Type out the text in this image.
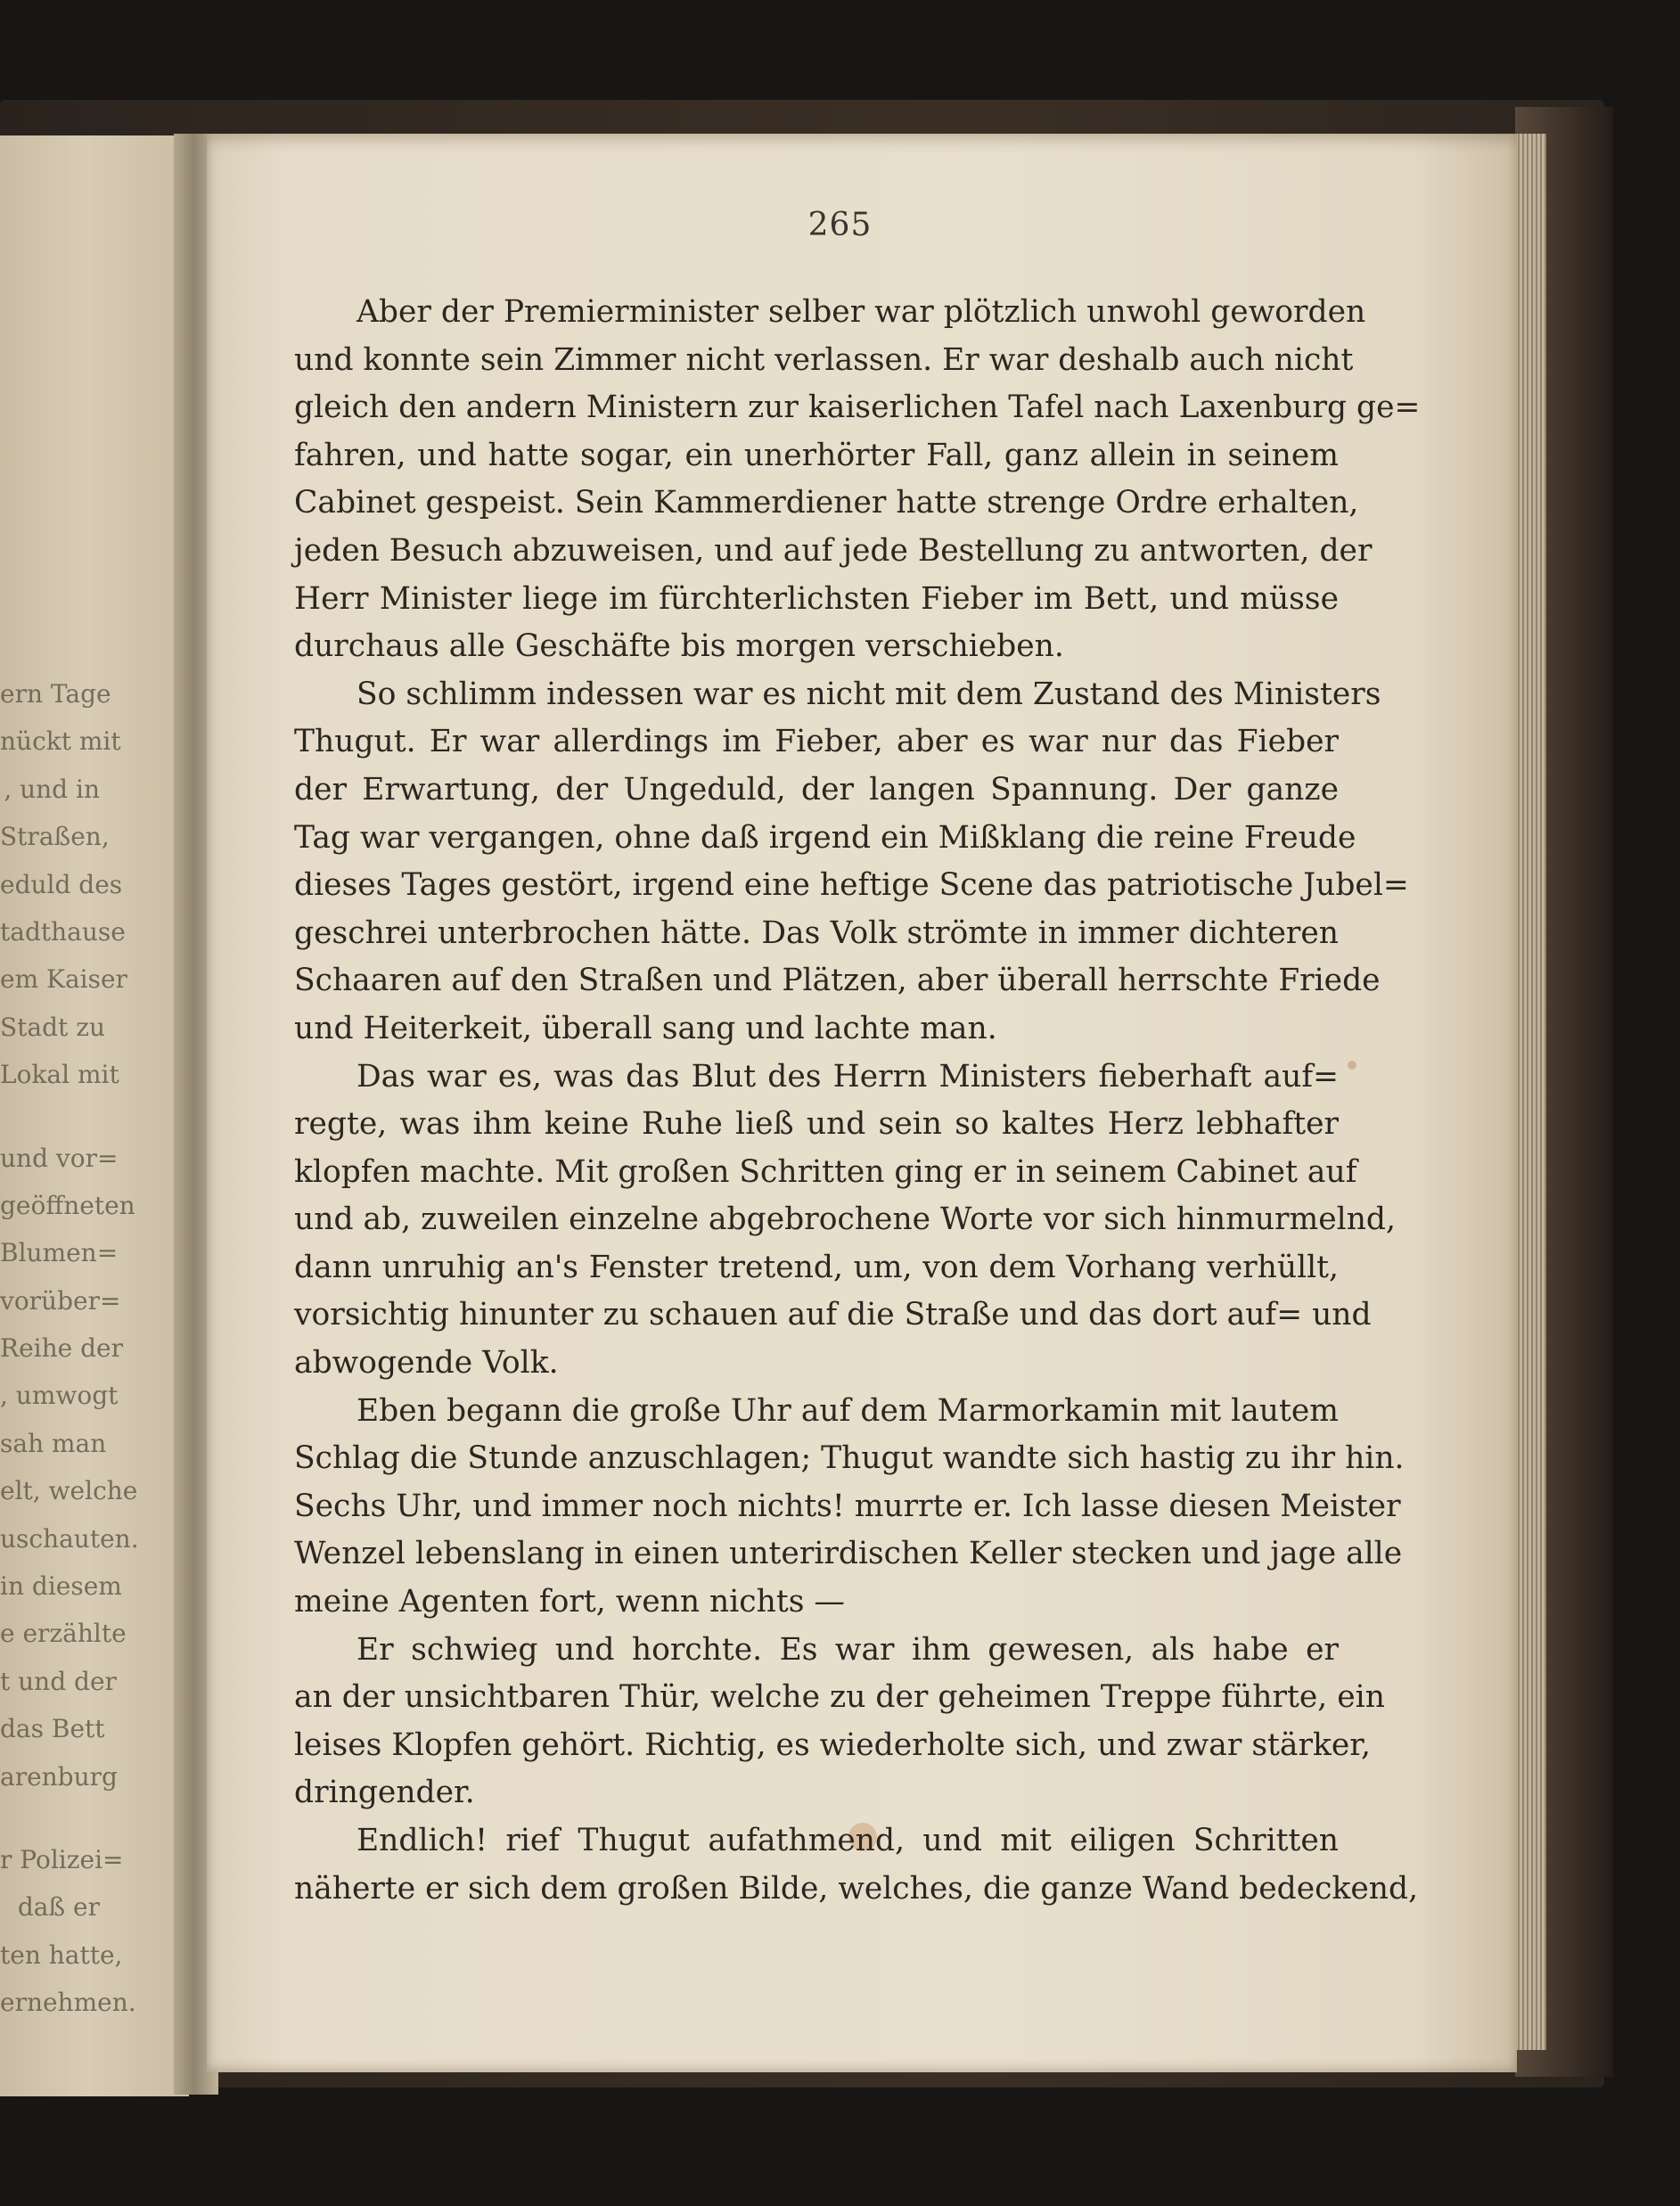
ern Tage
nückt mit
, und in
Straßen,
eduld des
tadthause
em Kaiser
Stadt zu
Lokal mit
und vor=
geöffneten
Blumen=
vorüber=
Reihe der
, umwogt
sah man
elt, welche
uschauten.
in diesem
e erzählte
t und der
das Bett
arenburg
r Polizei=
daß er
ten hatte,
ernehmen.
265
Aber der Premierminister selber war plötzlich unwohl geworden
und konnte sein Zimmer nicht verlassen. Er war deshalb auch nicht
gleich den andern Ministern zur kaiserlichen Tafel nach Laxenburg ge=
fahren, und hatte sogar, ein unerhörter Fall, ganz allein in seinem
Cabinet gespeist. Sein Kammerdiener hatte strenge Ordre erhalten,
jeden Besuch abzuweisen, und auf jede Bestellung zu antworten, der
Herr Minister liege im fürchterlichsten Fieber im Bett, und müsse
durchaus alle Geschäfte bis morgen verschieben.
So schlimm indessen war es nicht mit dem Zustand des Ministers
Thugut. Er war allerdings im Fieber, aber es war nur das Fieber
der Erwartung, der Ungeduld, der langen Spannung. Der ganze
Tag war vergangen, ohne daß irgend ein Mißklang die reine Freude
dieses Tages gestört, irgend eine heftige Scene das patriotische Jubel=
geschrei unterbrochen hätte. Das Volk strömte in immer dichteren
Schaaren auf den Straßen und Plätzen, aber überall herrschte Friede
und Heiterkeit, überall sang und lachte man.
Das war es, was das Blut des Herrn Ministers fieberhaft auf=
regte, was ihm keine Ruhe ließ und sein so kaltes Herz lebhafter
klopfen machte. Mit großen Schritten ging er in seinem Cabinet auf
und ab, zuweilen einzelne abgebrochene Worte vor sich hinmurmelnd,
dann unruhig an's Fenster tretend, um, von dem Vorhang verhüllt,
vorsichtig hinunter zu schauen auf die Straße und das dort auf= und
abwogende Volk.
Eben begann die große Uhr auf dem Marmorkamin mit lautem
Schlag die Stunde anzuschlagen; Thugut wandte sich hastig zu ihr hin.
Sechs Uhr, und immer noch nichts! murrte er. Ich lasse diesen Meister
Wenzel lebenslang in einen unterirdischen Keller stecken und jage alle
meine Agenten fort, wenn nichts —
Er schwieg und horchte. Es war ihm gewesen, als habe er
an der unsichtbaren Thür, welche zu der geheimen Treppe führte, ein
leises Klopfen gehört. Richtig, es wiederholte sich, und zwar stärker,
dringender.
Endlich! rief Thugut aufathmend, und mit eiligen Schritten
näherte er sich dem großen Bilde, welches, die ganze Wand bedeckend,
